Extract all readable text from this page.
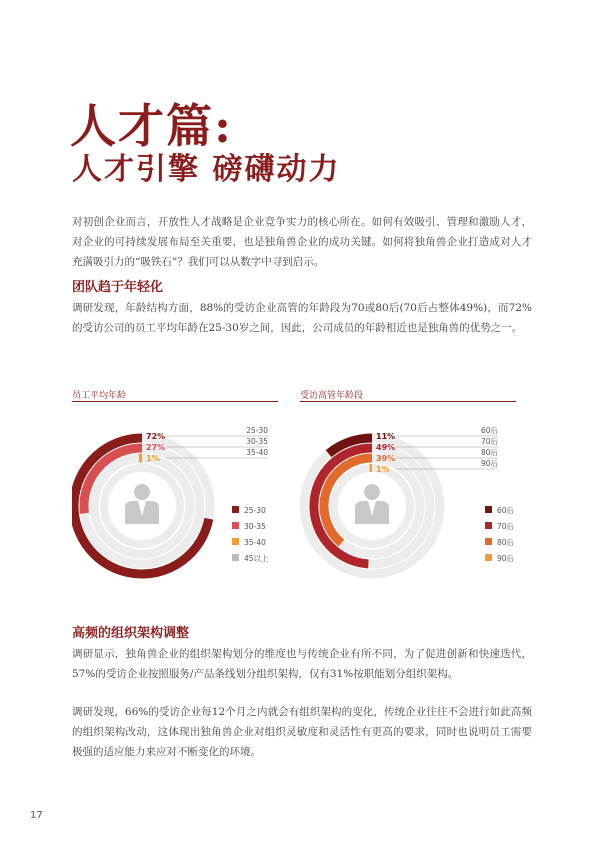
人才篇:
人才引擎 磅礴动力

对初创企业而言，开放性人才战略是企业竞争实力的核心所在。如何有效吸引、管理和激励人才，对企业的可持续发展布局至关重要，也是独角兽企业的成功关键。如何将独角兽企业打造成对人才充满吸引力的“吸铁石”？我们可以从数字中寻到启示。

团队趋于年轻化

调研发现，年龄结构方面，88%的受访企业高管的年龄段为70或80后(70后占整体49%)，而72%的受访公司的员工平均年龄在25-30岁之间，因此，公司成员的年龄相近也是独角兽的优势之一。

员工平均年龄
72%
27%
1%
25-30
30-35
35-40
25-30
30-35
35-40
45以上
受访高管年龄段
11%
49%
39%
1%
60后
70后
80后
90后
60后
70后
80后
90后
高频的组织架构调整

调研显示，独角兽企业的组织架构划分的维度也与传统企业有所不同，为了促进创新和快速迭代，57%的受访企业按照服务/产品条线划分组织架构，仅有31%按职能划分组织架构。

调研发现，66%的受访企业每12个月之内就会有组织架构的变化，传统企业往往不会进行如此高频的组织架构改动，这体现出独角兽企业对组织灵敏度和灵活性有更高的要求，同时也说明员工需要极强的适应能力来应对不断变化的环境。

17
